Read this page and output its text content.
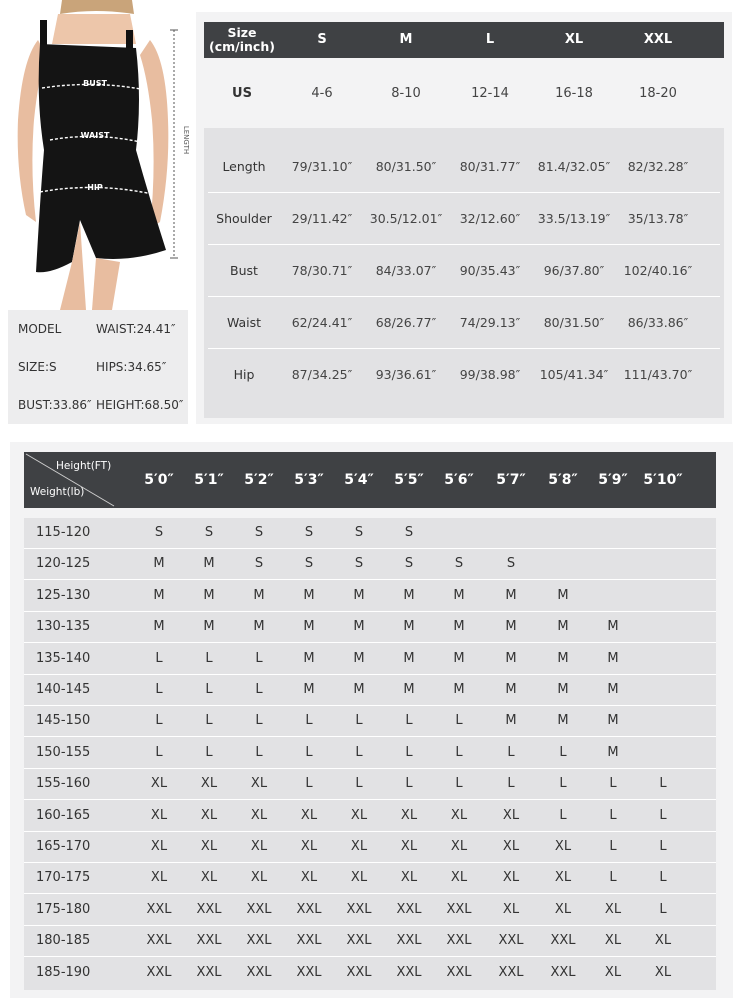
BUST
WAIST
HIP
LENGTH
MODEL	WAIST:24.41″
SIZE:S	HIPS:34.65″
BUST:33.86″ HEIGHT:68.50″
Size
(cm/inch)	S	M	L	XL	XXL
US	4-6	8-10	12-14	16-18	18-20
Length	79/31.10″	80/31.50″	80/31.77″	81.4/32.05″	82/32.28″
Shoulder	29/11.42″	30.5/12.01″	32/12.60″	33.5/13.19″	35/13.78″
Bust	78/30.71″	84/33.07″	90/35.43″	96/37.80″	102/40.16″
Waist	62/24.41″	68/26.77″	74/29.13″	80/31.50″	86/33.86″
Hip	87/34.25″	93/36.61″	99/38.98″	105/41.34″	111/43.70″
Height(FT)
Weight(lb)
5′0″	5′1″	5′2″	5′3″	5′4″	5′5″	5′6″	5′7″	5′8″	5′9″	5′10″
115-120	S	S	S	S	S	S
120-125	M	M	S	S	S	S	S	S
125-130	M	M	M	M	M	M	M	M	M
130-135	M	M	M	M	M	M	M	M	M	M
135-140	L	L	L	M	M	M	M	M	M	M
140-145	L	L	L	M	M	M	M	M	M	M
145-150	L	L	L	L	L	L	L	M	M	M
150-155	L	L	L	L	L	L	L	L	L	M
155-160	XL	XL	XL	L	L	L	L	L	L	L	L
160-165	XL	XL	XL	XL	XL	XL	XL	XL	L	L	L
165-170	XL	XL	XL	XL	XL	XL	XL	XL	XL	L	L
170-175	XL	XL	XL	XL	XL	XL	XL	XL	XL	L	L
175-180	XXL	XXL	XXL	XXL	XXL	XXL	XXL	XL	XL	XL	L
180-185	XXL	XXL	XXL	XXL	XXL	XXL	XXL	XXL	XXL	XL	XL
185-190	XXL	XXL	XXL	XXL	XXL	XXL	XXL	XXL	XXL	XL	XL
